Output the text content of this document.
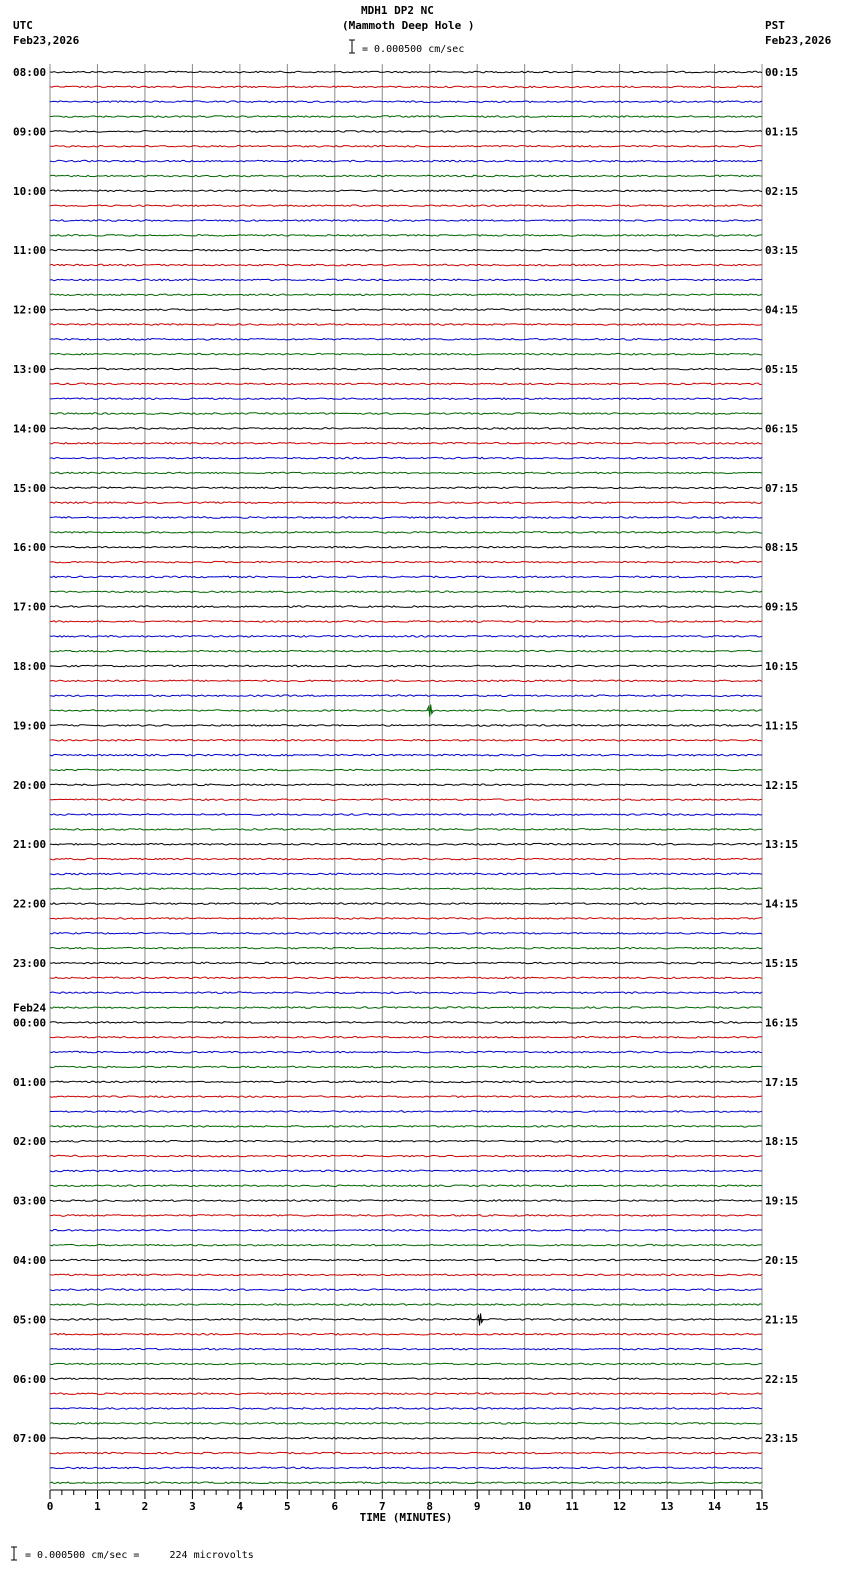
MDH1 DP2 NC
(Mammoth Deep Hole )
UTC
Feb23,2026
PST
Feb23,2026
= 0.000500 cm/sec
= 0.000500 cm/sec =     224 microvolts
08:00	00:15
09:00	01:15
10:00	02:15
11:00	03:15
12:00	04:15
13:00	05:15
14:00	06:15
15:00	07:15
16:00	08:15
17:00	09:15
18:00	10:15
19:00	11:15
20:00	12:15
21:00	13:15
22:00	14:15
23:00	15:15
00:00	16:15
Feb24
01:00	17:15
02:00	18:15
03:00	19:15
04:00	20:15
05:00	21:15
06:00	22:15
07:00	23:15
0	1	2	3	4	5	6	7	8	9	10	11	12	13	14	15
TIME (MINUTES)
